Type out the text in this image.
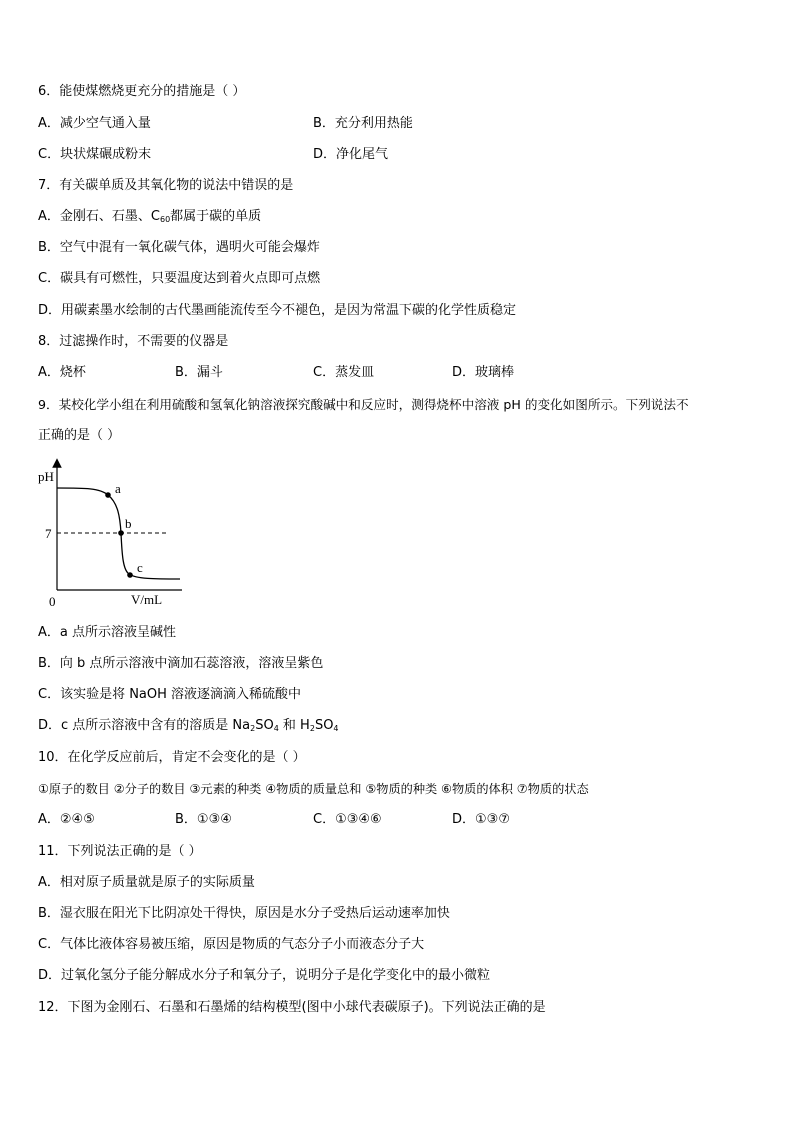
6．能使煤燃烧更充分的措施是（ ）
A．减少空气通入量	B．充分利用热能
C．块状煤碾成粉末	D．净化尾气
7．有关碳单质及其氧化物的说法中错误的是
A．金刚石、石墨、$C_{60}$都属于碳的单质
B．空气中混有一氧化碳气体，遇明火可能会爆炸
C．碳具有可燃性，只要温度达到着火点即可点燃
D．用碳素墨水绘制的古代墨画能流传至今不褪色，是因为常温下碳的化学性质稳定
8．过滤操作时，不需要的仪器是
A．烧杯	B．漏斗	C．蒸发皿	D．玻璃棒
9．某校化学小组在利用硫酸和氢氧化钠溶液探究酸碱中和反应时，测得烧杯中溶液 pH 的变化如图所示。下列说法不
正确的是（ ）
pH
V/mL
0
7
a
b
c
A．a 点所示溶液呈碱性
B．向 b 点所示溶液中滴加石蕊溶液，溶液呈紫色
C．该实验是将 NaOH 溶液逐滴滴入稀硫酸中
D．c 点所示溶液中含有的溶质是 $Na_2SO_4$ 和 $H_2SO_4$
10．在化学反应前后，肯定不会变化的是（ ）
①原子的数目 ②分子的数目 ③元素的种类 ④物质的质量总和 ⑤物质的种类 ⑥物质的体积 ⑦物质的状态
A．②④⑤	B．①③④	C．①③④⑥	D．①③⑦
11．下列说法正确的是（ ）
A．相对原子质量就是原子的实际质量
B．湿衣服在阳光下比阴凉处干得快，原因是水分子受热后运动速率加快
C．气体比液体容易被压缩，原因是物质的气态分子小而液态分子大
D．过氧化氢分子能分解成水分子和氧分子，说明分子是化学变化中的最小微粒
12．下图为金刚石、石墨和石墨烯的结构模型(图中小球代表碳原子)。下列说法正确的是
